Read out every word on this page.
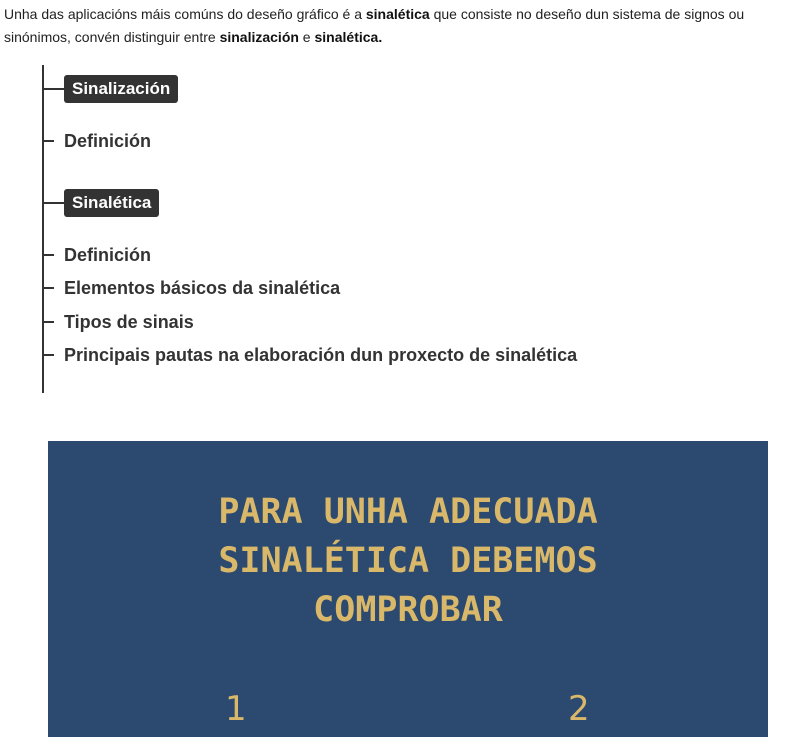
Unha das aplicacións máis comúns do deseño gráfico é a sinalética que consiste no deseño dun sistema de signos ou
sinónimos, convén distinguir entre sinalización e sinalética.
Sinalización
Definición
Sinalética
Definición
Elementos básicos da sinalética
Tipos de sinais
Principais pautas na elaboración dun proxecto de sinalética
PARA UNHA ADECUADA
SINALÉTICA DEBEMOS
COMPROBAR
1	2
